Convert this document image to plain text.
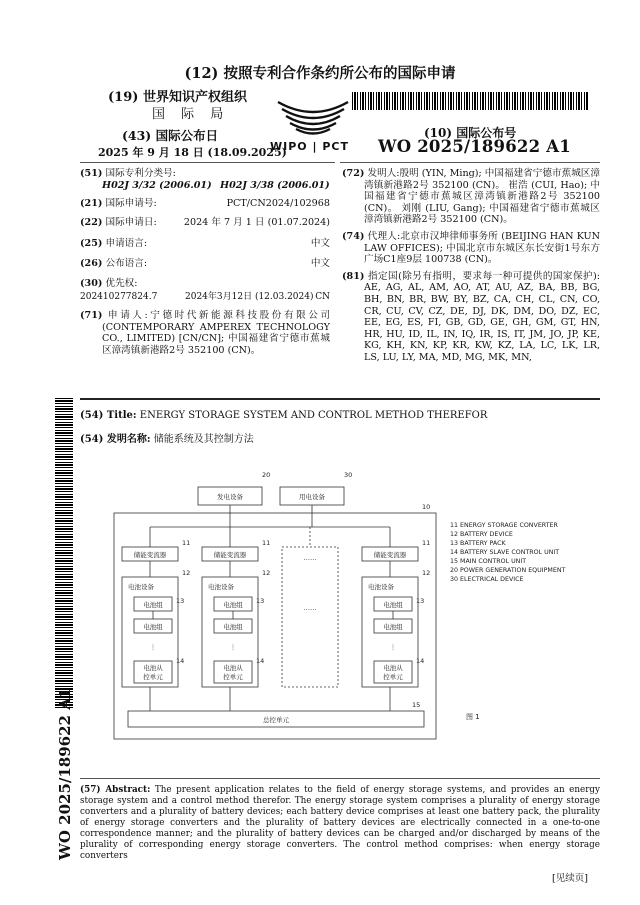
(12) 按照专利合作条约所公布的国际申请
(19) 世界知识产权组织
国 际 局
(43) 国际公布日
2025 年 9 月 18 日 (18.09.2025)
WIPO | PCT
(10) 国际公布号
WO 2025/189622 A1
(51) 国际专利分类号:
H02J 3/32 (2006.01) H02J 3/38 (2006.01)
(21) 国际申请号:	PCT/CN2024/102968
(22) 国际申请日:	2024 年 7 月 1 日 (01.07.2024)
(25) 申请语言:	中文
(26) 公布语言:	中文
(30) 优先权:
202410277824.7	2024年3月12日 (12.03.2024) CN
(71) 申请人:宁德时代新能源科技股份有限公司 (CONTEMPORARY AMPEREX TECHNOLOGY CO., LIMITED) [CN/CN]; 中国福建省宁德市蕉城区漳湾镇新港路2号 352100 (CN)。
(72) 发明人:殷明 (YIN, Ming); 中国福建省宁德市蕉城区漳湾镇新港路2号 352100 (CN)。 崔浩 (CUI, Hao); 中国福建省宁德市蕉城区漳湾镇新港路2号 352100 (CN)。 刘刚 (LIU, Gang); 中国福建省宁德市蕉城区漳湾镇新港路2号 352100 (CN)。
(74) 代理人:北京市汉坤律师事务所 (BEIJING HAN KUN LAW OFFICES); 中国北京市东城区东长安街1号东方广场C1座9层 100738 (CN)。
(81) 指定国(除另有指明，要求每一种可提供的国家保护): AE, AG, AL, AM, AO, AT, AU, AZ, BA, BB, BG, BH, BN, BR, BW, BY, BZ, CA, CH, CL, CN, CO, CR, CU, CV, CZ, DE, DJ, DK, DM, DO, DZ, EC, EE, EG, ES, FI, GB, GD, GE, GH, GM, GT, HN, HR, HU, ID, IL, IN, IQ, IR, IS, IT, JM, JO, JP, KE, KG, KH, KN, KP, KR, KW, KZ, LA, LC, LK, LR, LS, LU, LY, MA, MD, MG, MK, MN,
(54) Title: ENERGY STORAGE SYSTEM AND CONTROL METHOD THEREFOR
(54) 发明名称: 储能系统及其控制方法
WO 2025/189622 A1
储能变流器
电池设备
电池组
电池组
⋮
电池从
控单元
11
12
13
14
储能变流器
电池设备
电池组
电池组
⋮
电池从
控单元
11
12
13
14
储能变流器
电池设备
电池组
电池组
⋮
电池从
控单元
11
12
13
14
发电设备	用电设备
总控单元
……
……
20	30
10
15
11 ENERGY STORAGE CONVERTER
12 BATTERY DEVICE
13 BATTERY PACK
14 BATTERY SLAVE CONTROL UNIT
15 MAIN CONTROL UNIT
20 POWER GENERATION EQUIPMENT
30 ELECTRICAL DEVICE
图 1
(57) Abstract: The present application relates to the field of energy storage systems, and provides an energy storage system and a control method therefor. The energy storage system comprises a plurality of energy storage converters and a plurality of battery devices; each battery device comprises at least one battery pack, the plurality of energy storage converters and the plurality of battery devices are electrically connected in a one-to-one correspondence manner; and the plurality of battery devices can be charged and/or discharged by means of the plurality of corresponding energy storage converters. The control method comprises: when energy storage converters
[见续页]
